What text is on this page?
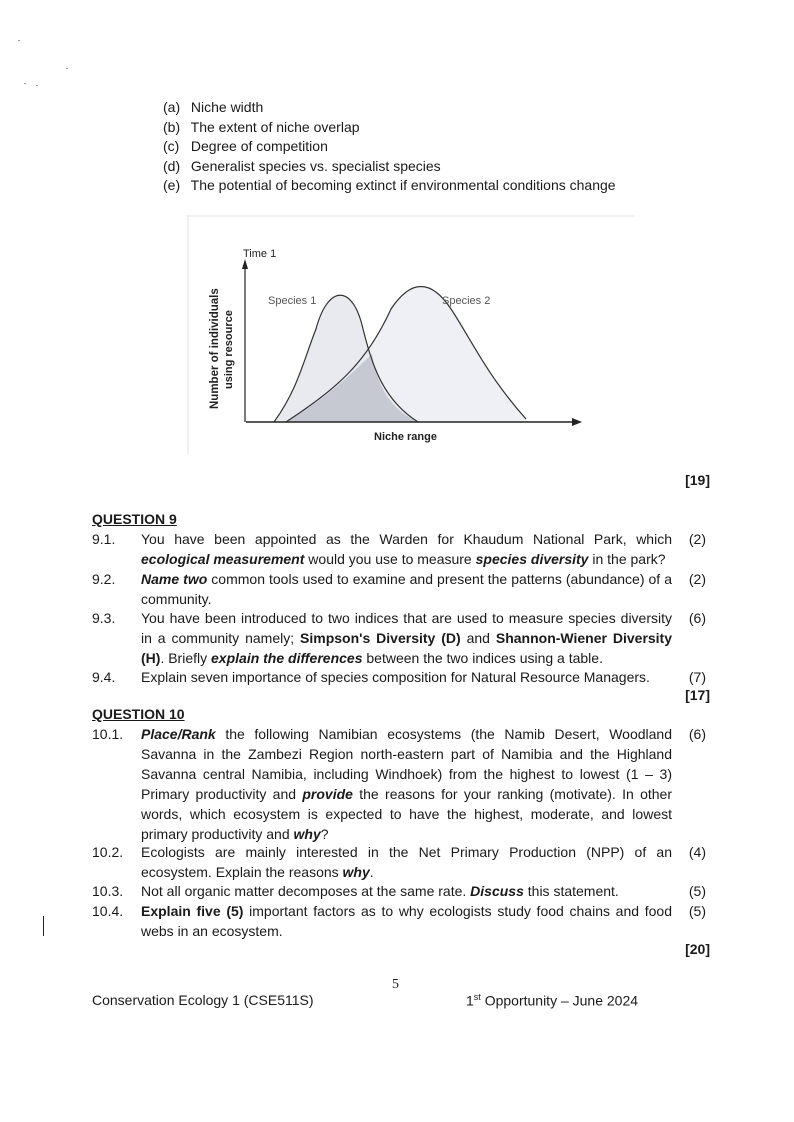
(a) Niche width
(b) The extent of niche overlap
(c) Degree of competition
(d) Generalist species vs. specialist species
(e) The potential of becoming extinct if environmental conditions change
Time 1
Species 1	Species 2
Niche range
Number of individuals using resource
[19]
QUESTION 9
9.1. You have been appointed as the Warden for Khaudum National Park, which ecological measurement would you use to measure species diversity in the park?
(2)
9.2. Name two common tools used to examine and present the patterns (abundance) of a community.
(2)
9.3. You have been introduced to two indices that are used to measure species diversity in a community namely; Simpson's Diversity (D) and Shannon-Wiener Diversity (H). Briefly explain the differences between the two indices using a table.
(6)
9.4. Explain seven importance of species composition for Natural Resource Managers.	(7)
[17]
QUESTION 10
10.1. Place/Rank the following Namibian ecosystems (the Namib Desert, Woodland Savanna in the Zambezi Region north-eastern part of Namibia and the Highland Savanna central Namibia, including Windhoek) from the highest to lowest (1 – 3) Primary productivity and provide the reasons for your ranking (motivate). In other words, which ecosystem is expected to have the highest, moderate, and lowest primary productivity and why?
(6)
10.2. Ecologists are mainly interested in the Net Primary Production (NPP) of an ecosystem. Explain the reasons why.
(4)
10.3. Not all organic matter decomposes at the same rate. Discuss this statement.	(5)
10.4. Explain five (5) important factors as to why ecologists study food chains and food webs in an ecosystem.
(5)
[20]
5
Conservation Ecology 1 (CSE511S)	1st Opportunity – June 2024
